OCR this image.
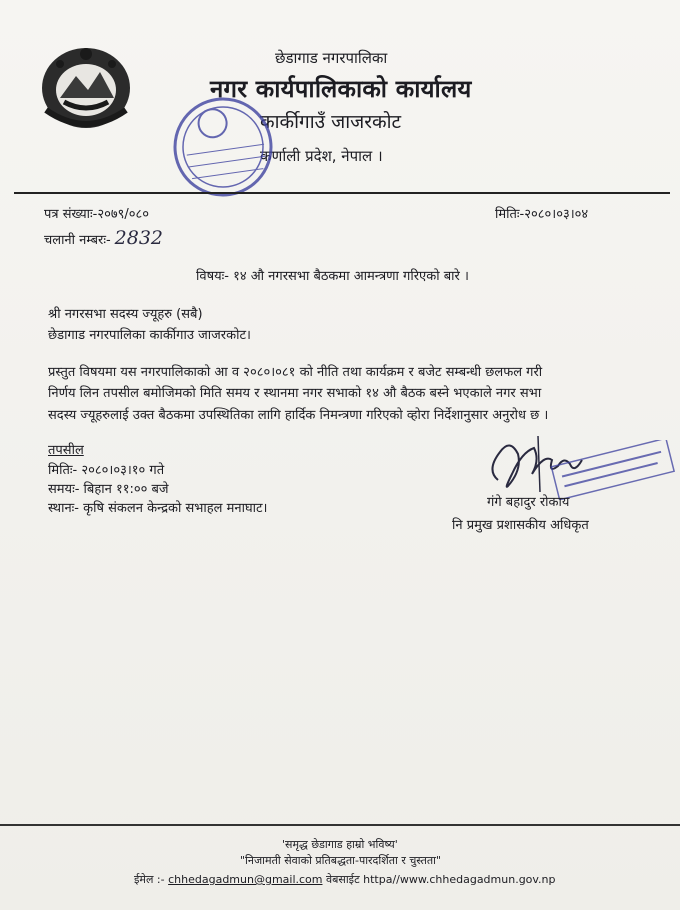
छेडागाड नगरपालिका
नगर कार्यपालिकाको कार्यालय
कार्कीगाउँ जाजरकोट
कर्णाली प्रदेश, नेपाल ।
पत्र संख्याः-२०७९/०८०	मितिः-२०८०।०३।०४
चलानी नम्बरः- 2832
विषयः- १४ औ नगरसभा बैठकमा आमन्त्रणा गरिएको बारे ।
श्री नगरसभा सदस्य ज्यूहरु (सबै)
छेडागाड नगरपालिका कार्कीगाउ जाजरकोट।
प्रस्तुत विषयमा यस नगरपालिकाको आ व २०८०।०८१ को नीति तथा कार्यक्रम र बजेट सम्बन्धी छलफल गरी
निर्णय लिन तपसील बमोजिमको मिति समय र स्थानमा नगर सभाको १४ औ बैठक बस्ने भएकाले नगर सभा
सदस्य ज्यूहरुलाई उक्त बैठकमा उपस्थितिका लागि हार्दिक निमन्त्रणा गरिएको व्होरा निर्देशानुसार अनुरोध छ ।
तपसील
मितिः- २०८०।०३।१० गते
समयः- बिहान ११:०० बजे
स्थानः- कृषि संकलन केन्द्रको सभाहल मनाघाट।	गंगे बहादुर रोकाय
नि प्रमुख प्रशासकीय अधिकृत
'समृद्ध छेडागाड हाम्रो भविष्य'
"निजामती सेवाको प्रतिबद्धता-पारदर्शिता र चुस्तता"
ईमेल :- chhedagadmun@gmail.com वेबसाईट httpa//www.chhedagadmun.gov.np
